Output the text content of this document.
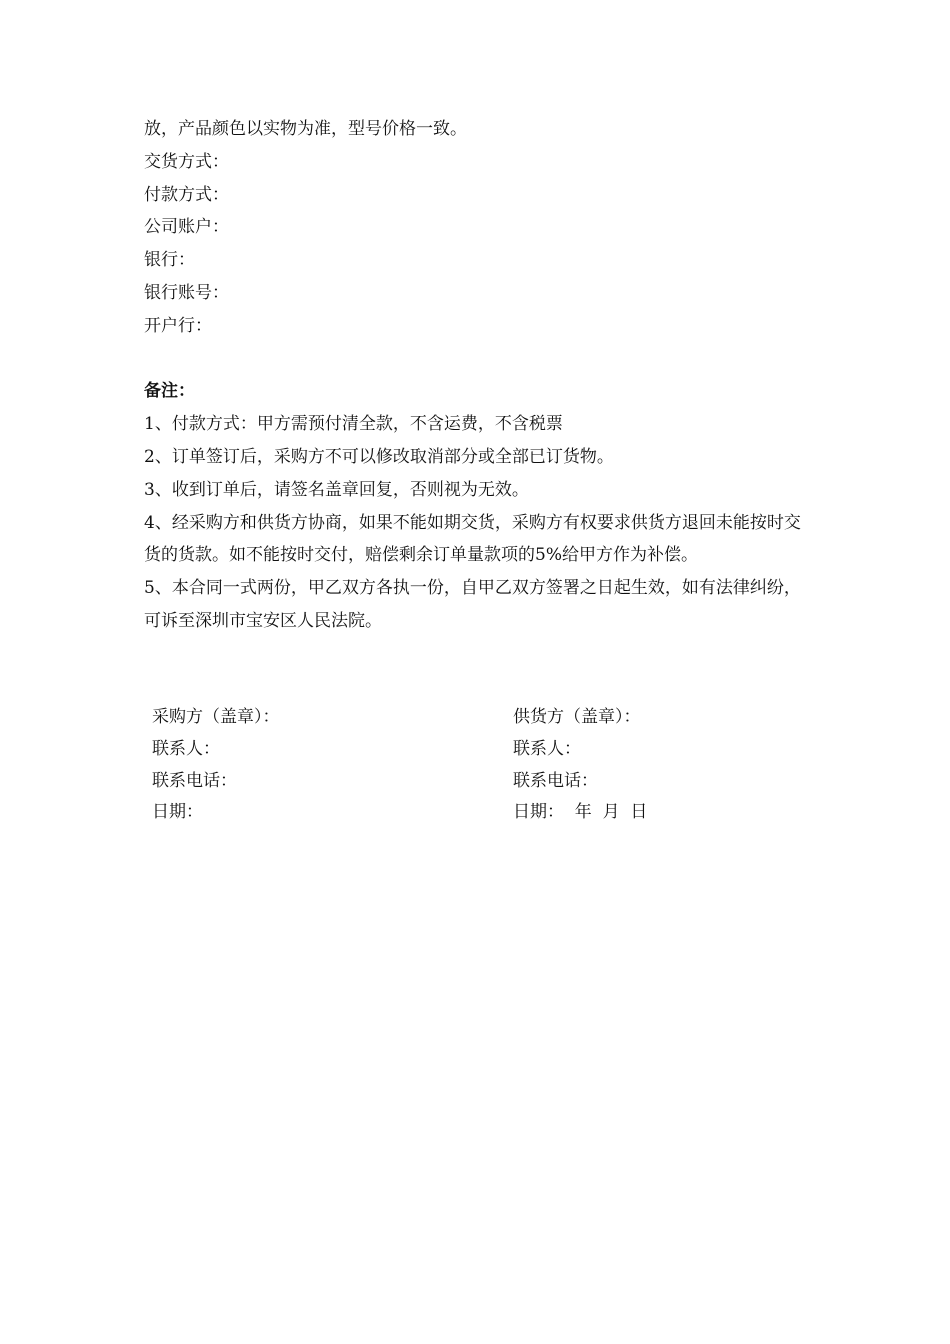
放，产品颜色以实物为准，型号价格一致。
交货方式：
付款方式：
公司账户：
银行：
银行账号：
开户行：
备注：
1、付款方式：甲方需预付清全款，不含运费，不含税票
2、订单签订后，采购方不可以修改取消部分或全部已订货物。
3、收到订单后，请签名盖章回复，否则视为无效。
4、经采购方和供货方协商，如果不能如期交货，采购方有权要求供货方退回未能按时交货的货款。如不能按时交付，赔偿剩余订单量款项的5%给甲方作为补偿。
5、本合同一式两份，甲乙双方各执一份，自甲乙双方签署之日起生效，如有法律纠纷，可诉至深圳市宝安区人民法院。
采购方（盖章）：	供货方（盖章）：
联系人：	联系人：
联系电话：	联系电话：
日期：	日期：  年  月  日
